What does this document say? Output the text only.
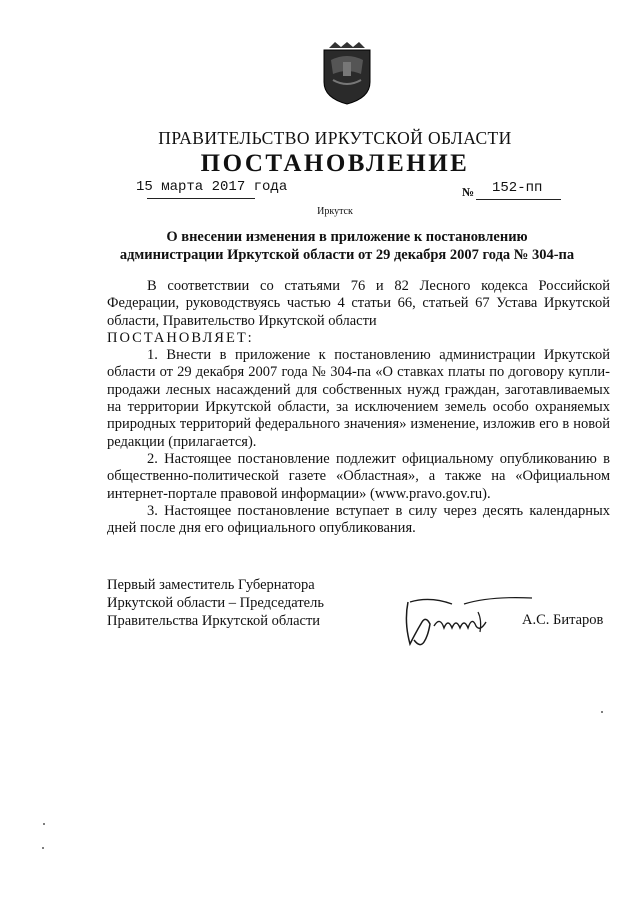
ПРАВИТЕЛЬСТВО ИРКУТСКОЙ ОБЛАСТИ
ПОСТАНОВЛЕНИЕ
15 марта 2017 года	№ 152-пп
Иркутск
О внесении изменения в приложение к постановлению
администрации Иркутской области от 29 декабря 2007 года № 304-па

В соответствии со статьями 76 и 82 Лесного кодекса Российской Федерации, руководствуясь частью 4 статьи 66, статьей 67 Устава Иркутской области, Правительство Иркутской области

ПОСТАНОВЛЯЕТ:

1. Внести в приложение к постановлению администрации Иркутской области от 29 декабря 2007 года № 304-па «О ставках платы по договору купли-продажи лесных насаждений для собственных нужд граждан, заготавливаемых на территории Иркутской области, за исключением земель особо охраняемых природных территорий федерального значения» изменение, изложив его в новой редакции (прилагается).

2. Настоящее постановление подлежит официальному опубликованию в общественно-политической газете «Областная», а также на «Официальном интернет-портале правовой информации» (www.pravo.gov.ru).

3. Настоящее постановление вступает в силу через десять календарных дней после дня его официального опубликования.

Первый заместитель Губернатора
Иркутской области – Председатель
Правительства Иркутской области	А.С. Битаров
